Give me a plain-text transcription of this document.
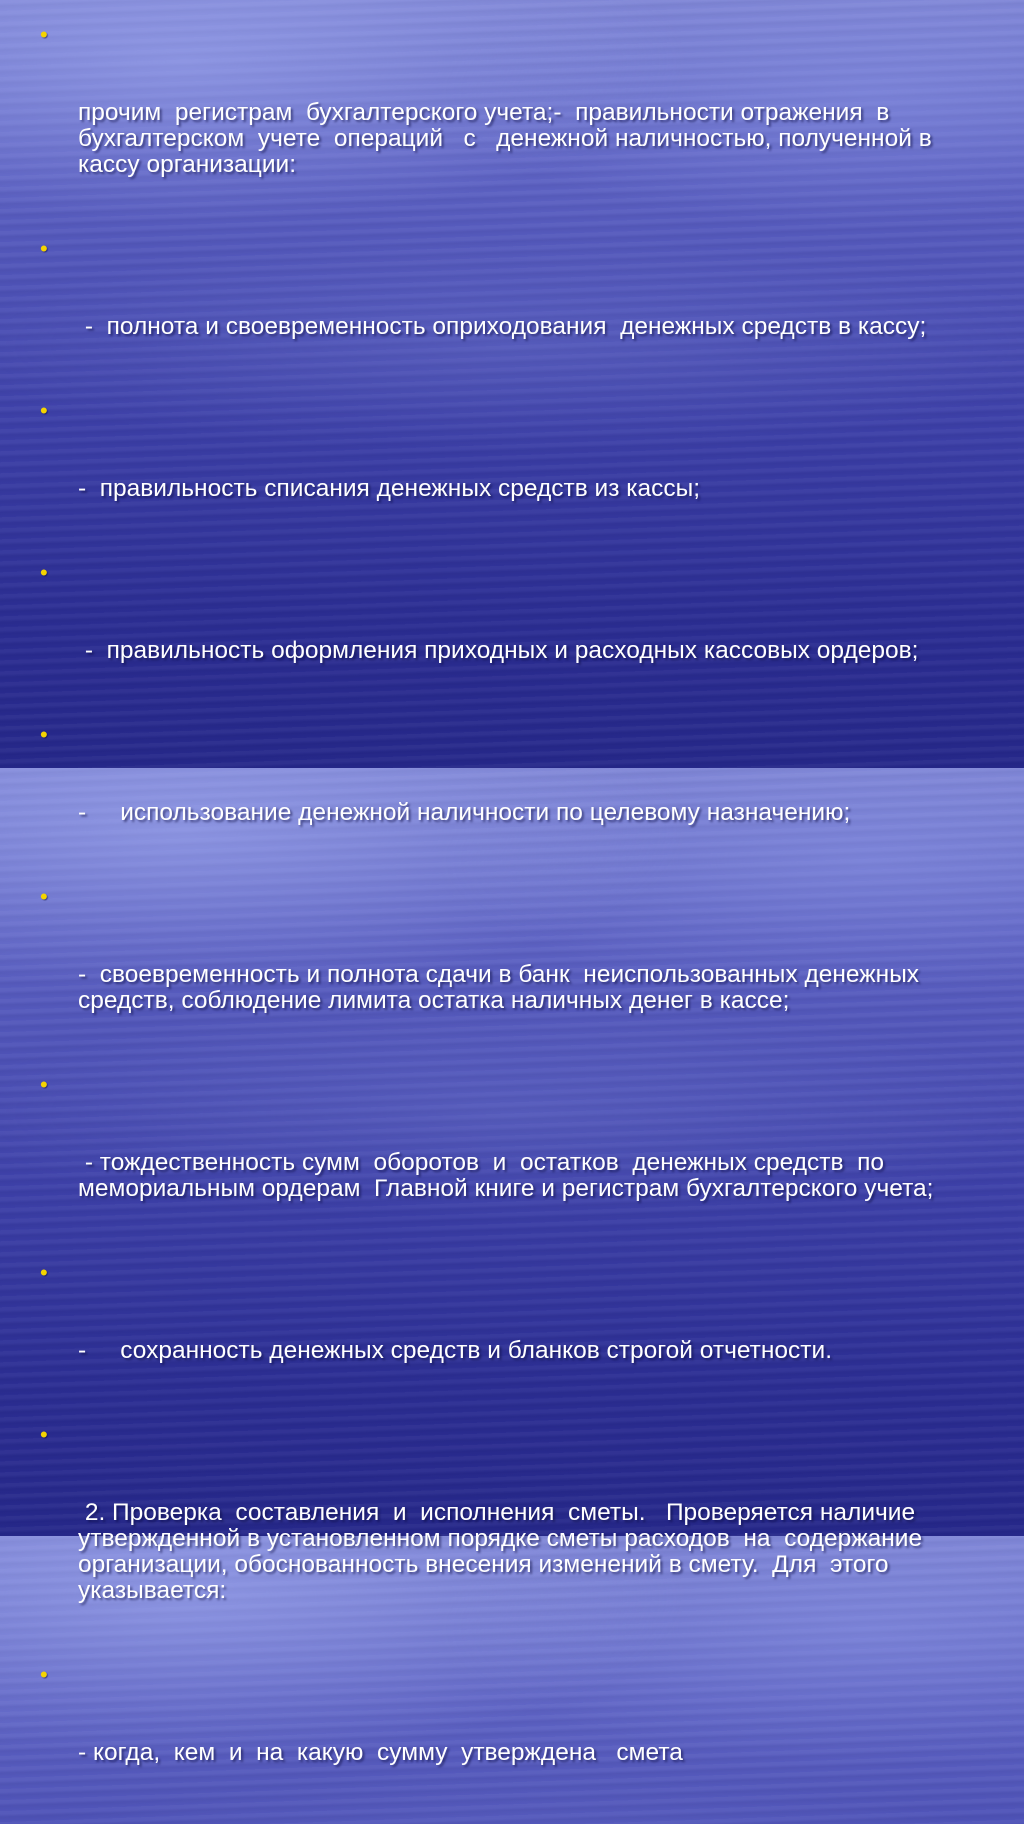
•

прочим  регистрам  бухгалтерского учета;-  правильности отражения  в  бухгалтерском  учете  операций   с   денежной наличностью, полученной в кассу организации:

•

-  полнота и своевременность оприходования  денежных средств в кассу;

•

-  правильность списания денежных средств из кассы;

•

-  правильность оформления приходных и расходных кассовых ордеров;

•

-     использование денежной наличности по целевому назначению;

•

-  своевременность и полнота сдачи в банк  неиспользованных денежных средств, соблюдение лимита остатка наличных денег в кассе;

•

- тождественность сумм  оборотов  и  остатков  денежных средств  по мемориальным ордерам  Главной книге и регистрам бухгалтерского учета;

•

-     сохранность денежных средств и бланков строгой отчетности.

•

2. Проверка  составления  и  исполнения  сметы.   Проверяется наличие         утвержденной в установленном порядке сметы расходов  на  содержание         организации, обоснованность внесения изменений в смету.  Для  этого         указывается:

•

- когда,  кем  и  на  какую  сумму  утверждена   смета
